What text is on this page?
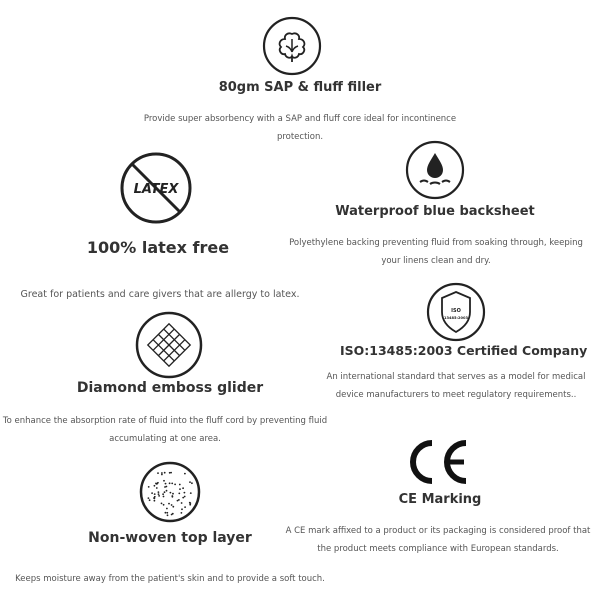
80gm SAP & fluff filler
Provide super absorbency with a SAP and fluff core ideal for incontinence protection.
LATEX
100% latex free
Great for patients and care givers that are allergy to latex.
Waterproof blue backsheet
Polyethylene backing preventing fluid from soaking through, keeping your linens clean and dry.
ISO
13485:2003
ISO:13485:2003 Certified Company
An international standard that serves as a model for medical device manufacturers to meet regulatory requirements..
Diamond emboss glider
To enhance the absorption rate of fluid into the fluff cord by preventing fluid accumulating at one area.
CE Marking
A CE mark affixed to a product or its packaging is considered proof that the product meets compliance with European standards.
Non-woven top layer
Keeps moisture away from the patient's skin and to provide a soft touch.
